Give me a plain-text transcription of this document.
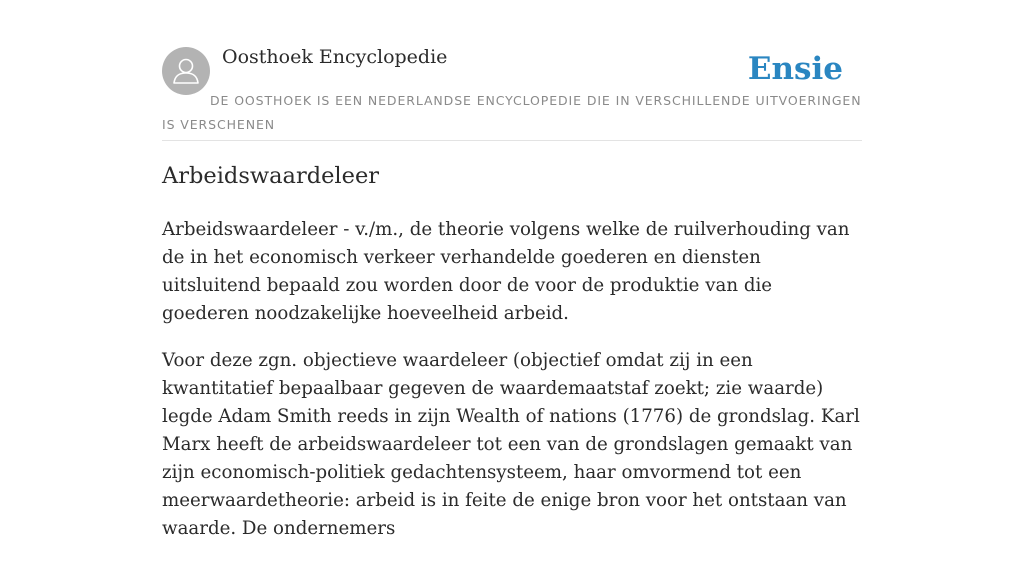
Oosthoek Encyclopedie	Ensie
DE OOSTHOEK IS EEN NEDERLANDSE ENCYCLOPEDIE DIE IN VERSCHILLENDE UITVOERINGEN IS VERSCHENEN
Arbeidswaardeleer

Arbeidswaardeleer - v./m., de theorie volgens welke de ruilverhouding van de in het economisch verkeer verhandelde goederen en diensten uitsluitend bepaald zou worden door de voor de produktie van die goederen noodzakelijke hoeveelheid arbeid.

Voor deze zgn. objectieve waardeleer (objectief omdat zij in een kwantitatief bepaalbaar gegeven de waardemaatstaf zoekt; zie waarde) legde Adam Smith reeds in zijn Wealth of nations (1776) de grondslag. Karl Marx heeft de arbeidswaardeleer tot een van de grondslagen gemaakt van zijn economisch-politiek gedachtensysteem, haar omvormend tot een meerwaardetheorie: arbeid is in feite de enige bron voor het ontstaan van waarde. De ondernemers
